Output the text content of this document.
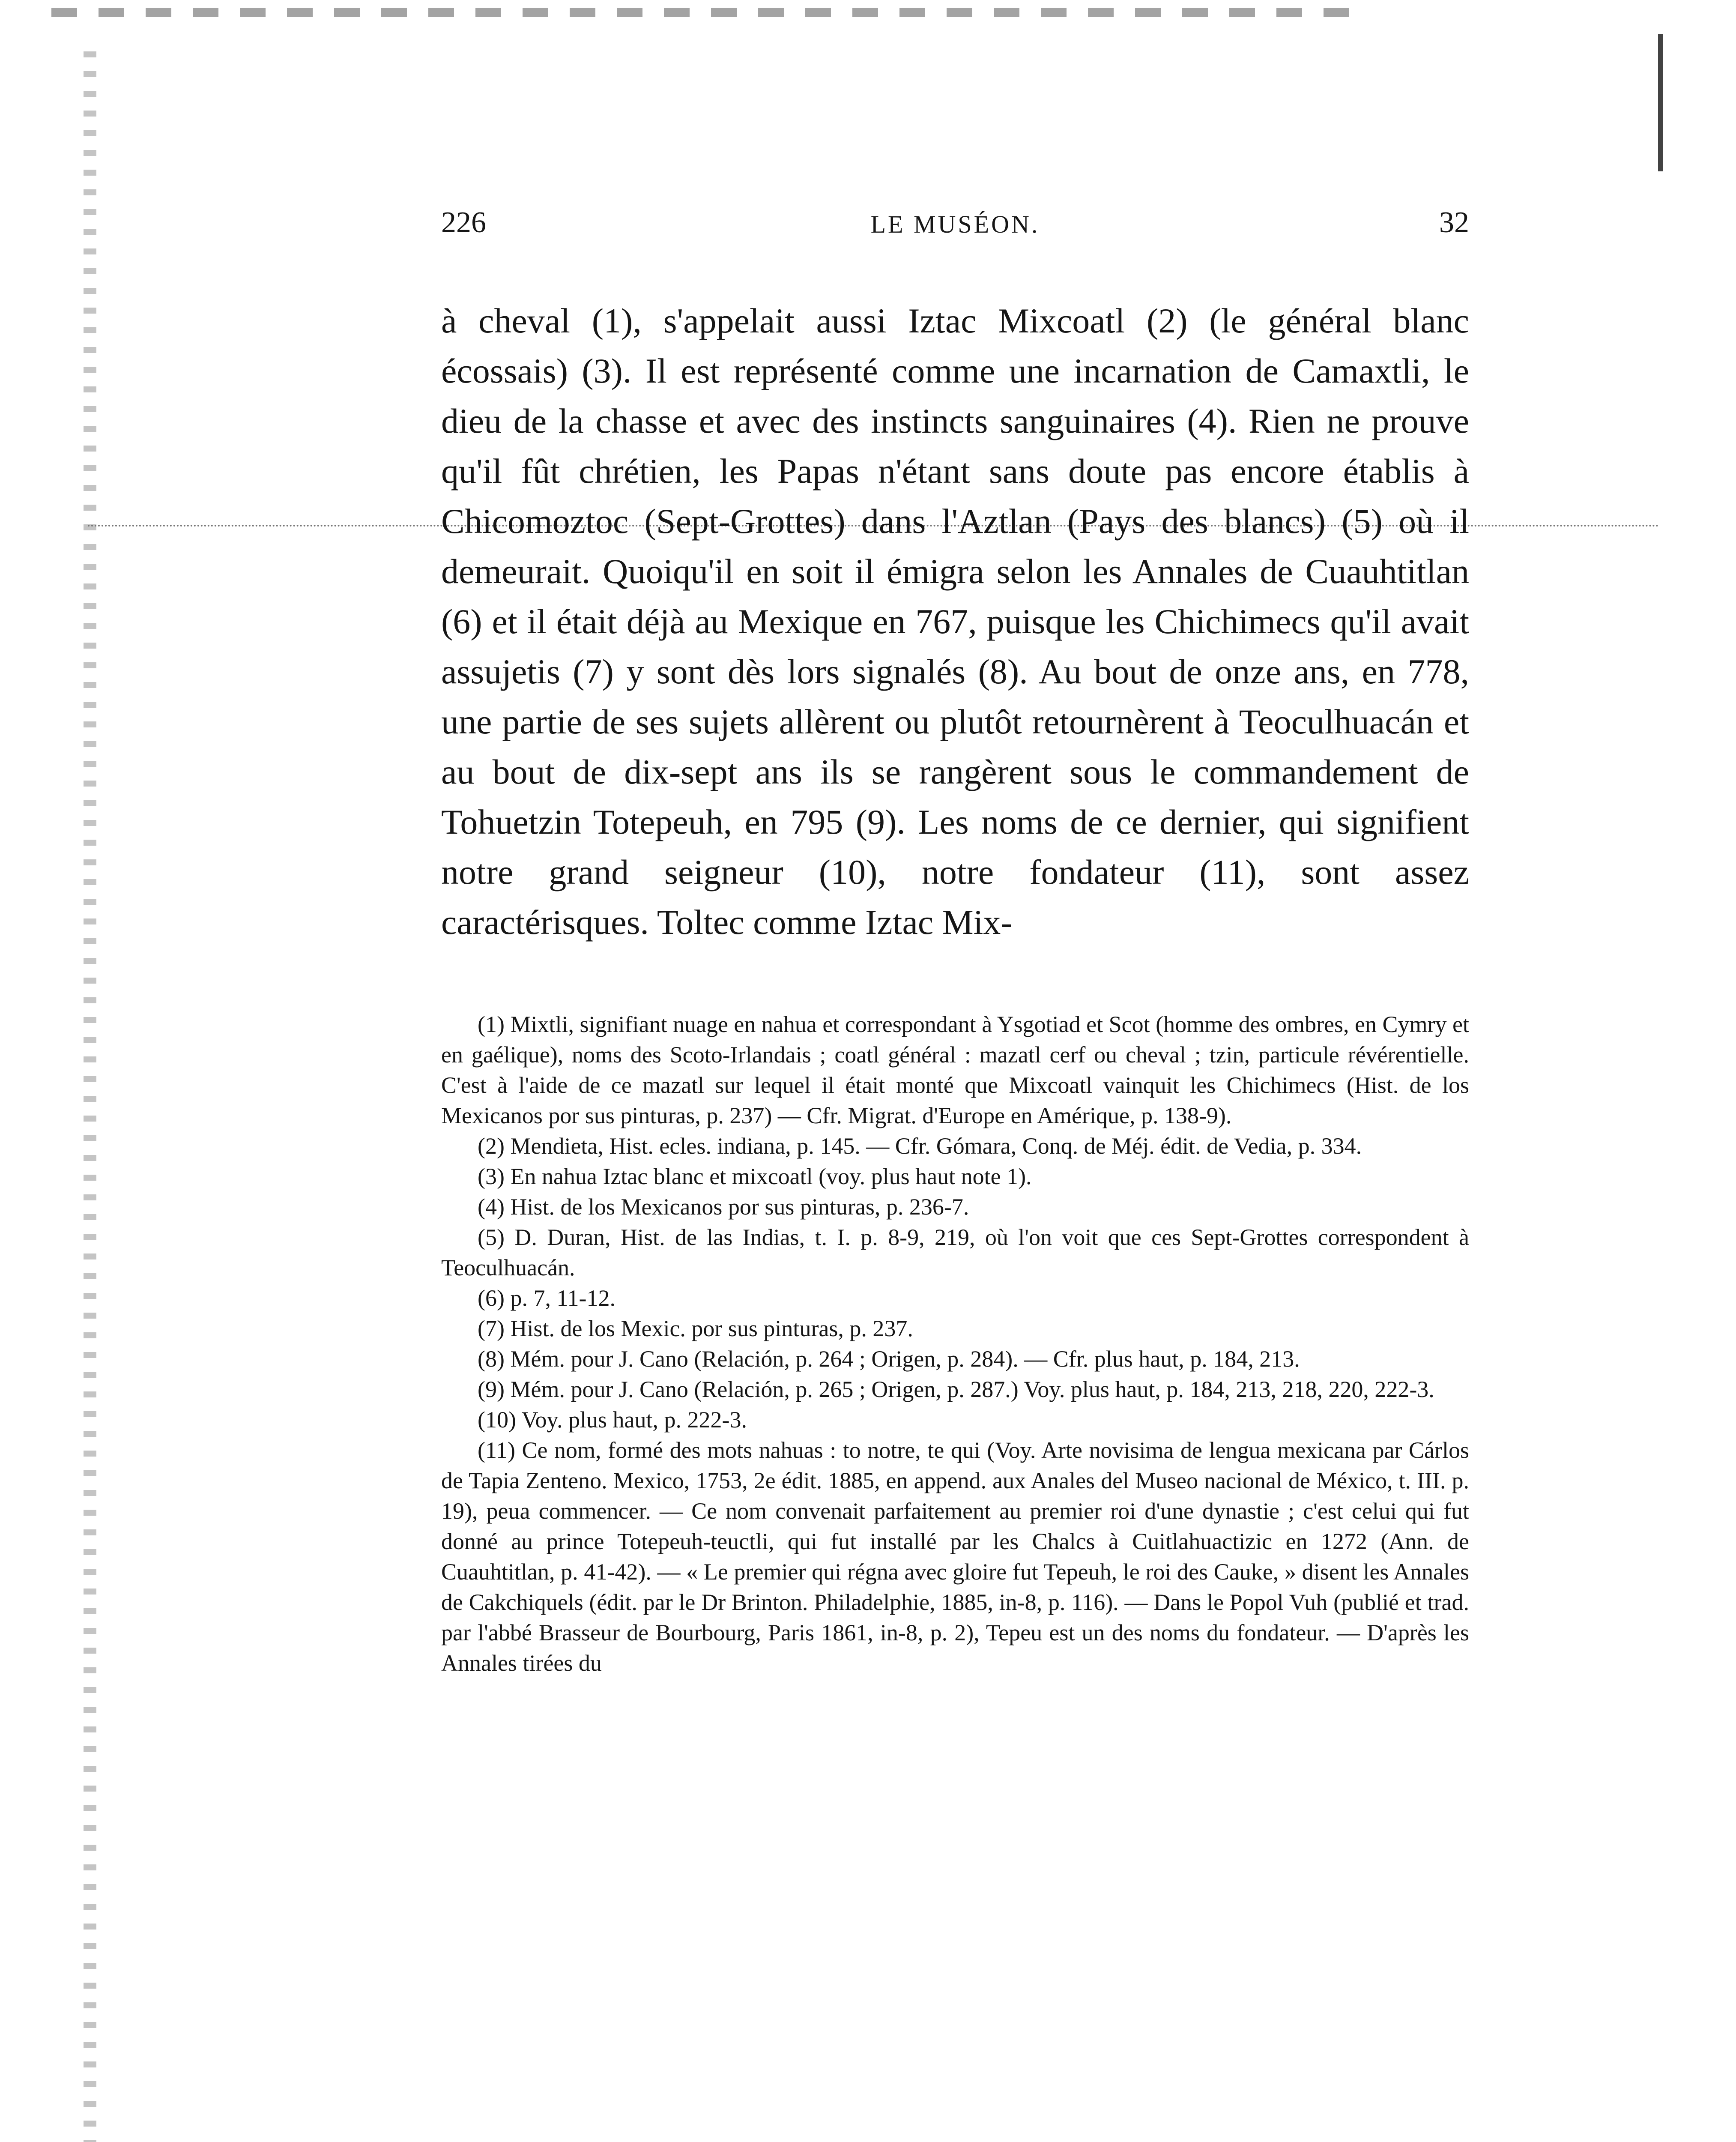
226	LE MUSÉON.	32

à cheval (1), s'appelait aussi Iztac Mixcoatl (2) (le général blanc écossais) (3). Il est représenté comme une incarnation de Camaxtli, le dieu de la chasse et avec des instincts sanguinaires (4). Rien ne prouve qu'il fût chrétien, les Papas n'étant sans doute pas encore établis à Chicomoztoc (Sept-Grottes) dans l'Aztlan (Pays des blancs) (5) où il demeurait. Quoiqu'il en soit il émigra selon les Annales de Cuauhtitlan (6) et il était déjà au Mexique en 767, puisque les Chichimecs qu'il avait assujetis (7) y sont dès lors signalés (8). Au bout de onze ans, en 778, une partie de ses sujets allèrent ou plutôt retournèrent à Teoculhuacán et au bout de dix-sept ans ils se rangèrent sous le commandement de Tohuetzin Totepeuh, en 795 (9). Les noms de ce dernier, qui signifient notre grand seigneur (10), notre fondateur (11), sont assez caractérisques. Toltec comme Iztac Mix-

(1) Mixtli, signifiant nuage en nahua et correspondant à Ysgotiad et Scot (homme des ombres, en Cymry et en gaélique), noms des Scoto-Irlandais ; coatl général : mazatl cerf ou cheval ; tzin, particule révérentielle. C'est à l'aide de ce mazatl sur lequel il était monté que Mixcoatl vainquit les Chichimecs (Hist. de los Mexicanos por sus pinturas, p. 237) — Cfr. Migrat. d'Europe en Amérique, p. 138-9).
(2) Mendieta, Hist. ecles. indiana, p. 145. — Cfr. Gómara, Conq. de Méj. édit. de Vedia, p. 334.
(3) En nahua Iztac blanc et mixcoatl (voy. plus haut note 1).
(4) Hist. de los Mexicanos por sus pinturas, p. 236-7.
(5) D. Duran, Hist. de las Indias, t. I. p. 8-9, 219, où l'on voit que ces Sept-Grottes correspondent à Teoculhuacán.
(6) p. 7, 11-12.
(7) Hist. de los Mexic. por sus pinturas, p. 237.
(8) Mém. pour J. Cano (Relación, p. 264 ; Origen, p. 284). — Cfr. plus haut, p. 184, 213.
(9) Mém. pour J. Cano (Relación, p. 265 ; Origen, p. 287.) Voy. plus haut, p. 184, 213, 218, 220, 222-3.
(10) Voy. plus haut, p. 222-3.
(11) Ce nom, formé des mots nahuas : to notre, te qui (Voy. Arte novisima de lengua mexicana par Cárlos de Tapia Zenteno. Mexico, 1753, 2e édit. 1885, en append. aux Anales del Museo nacional de México, t. III. p. 19), peua commencer. — Ce nom convenait parfaitement au premier roi d'une dynastie ; c'est celui qui fut donné au prince Totepeuh-teuctli, qui fut installé par les Chalcs à Cuitlahuactizic en 1272 (Ann. de Cuauhtitlan, p. 41-42). — « Le premier qui régna avec gloire fut Tepeuh, le roi des Cauke, » disent les Annales de Cakchiquels (édit. par le Dr Brinton. Philadelphie, 1885, in-8, p. 116). — Dans le Popol Vuh (publié et trad. par l'abbé Brasseur de Bourbourg, Paris 1861, in-8, p. 2), Tepeu est un des noms du fondateur. — D'après les Annales tirées du
